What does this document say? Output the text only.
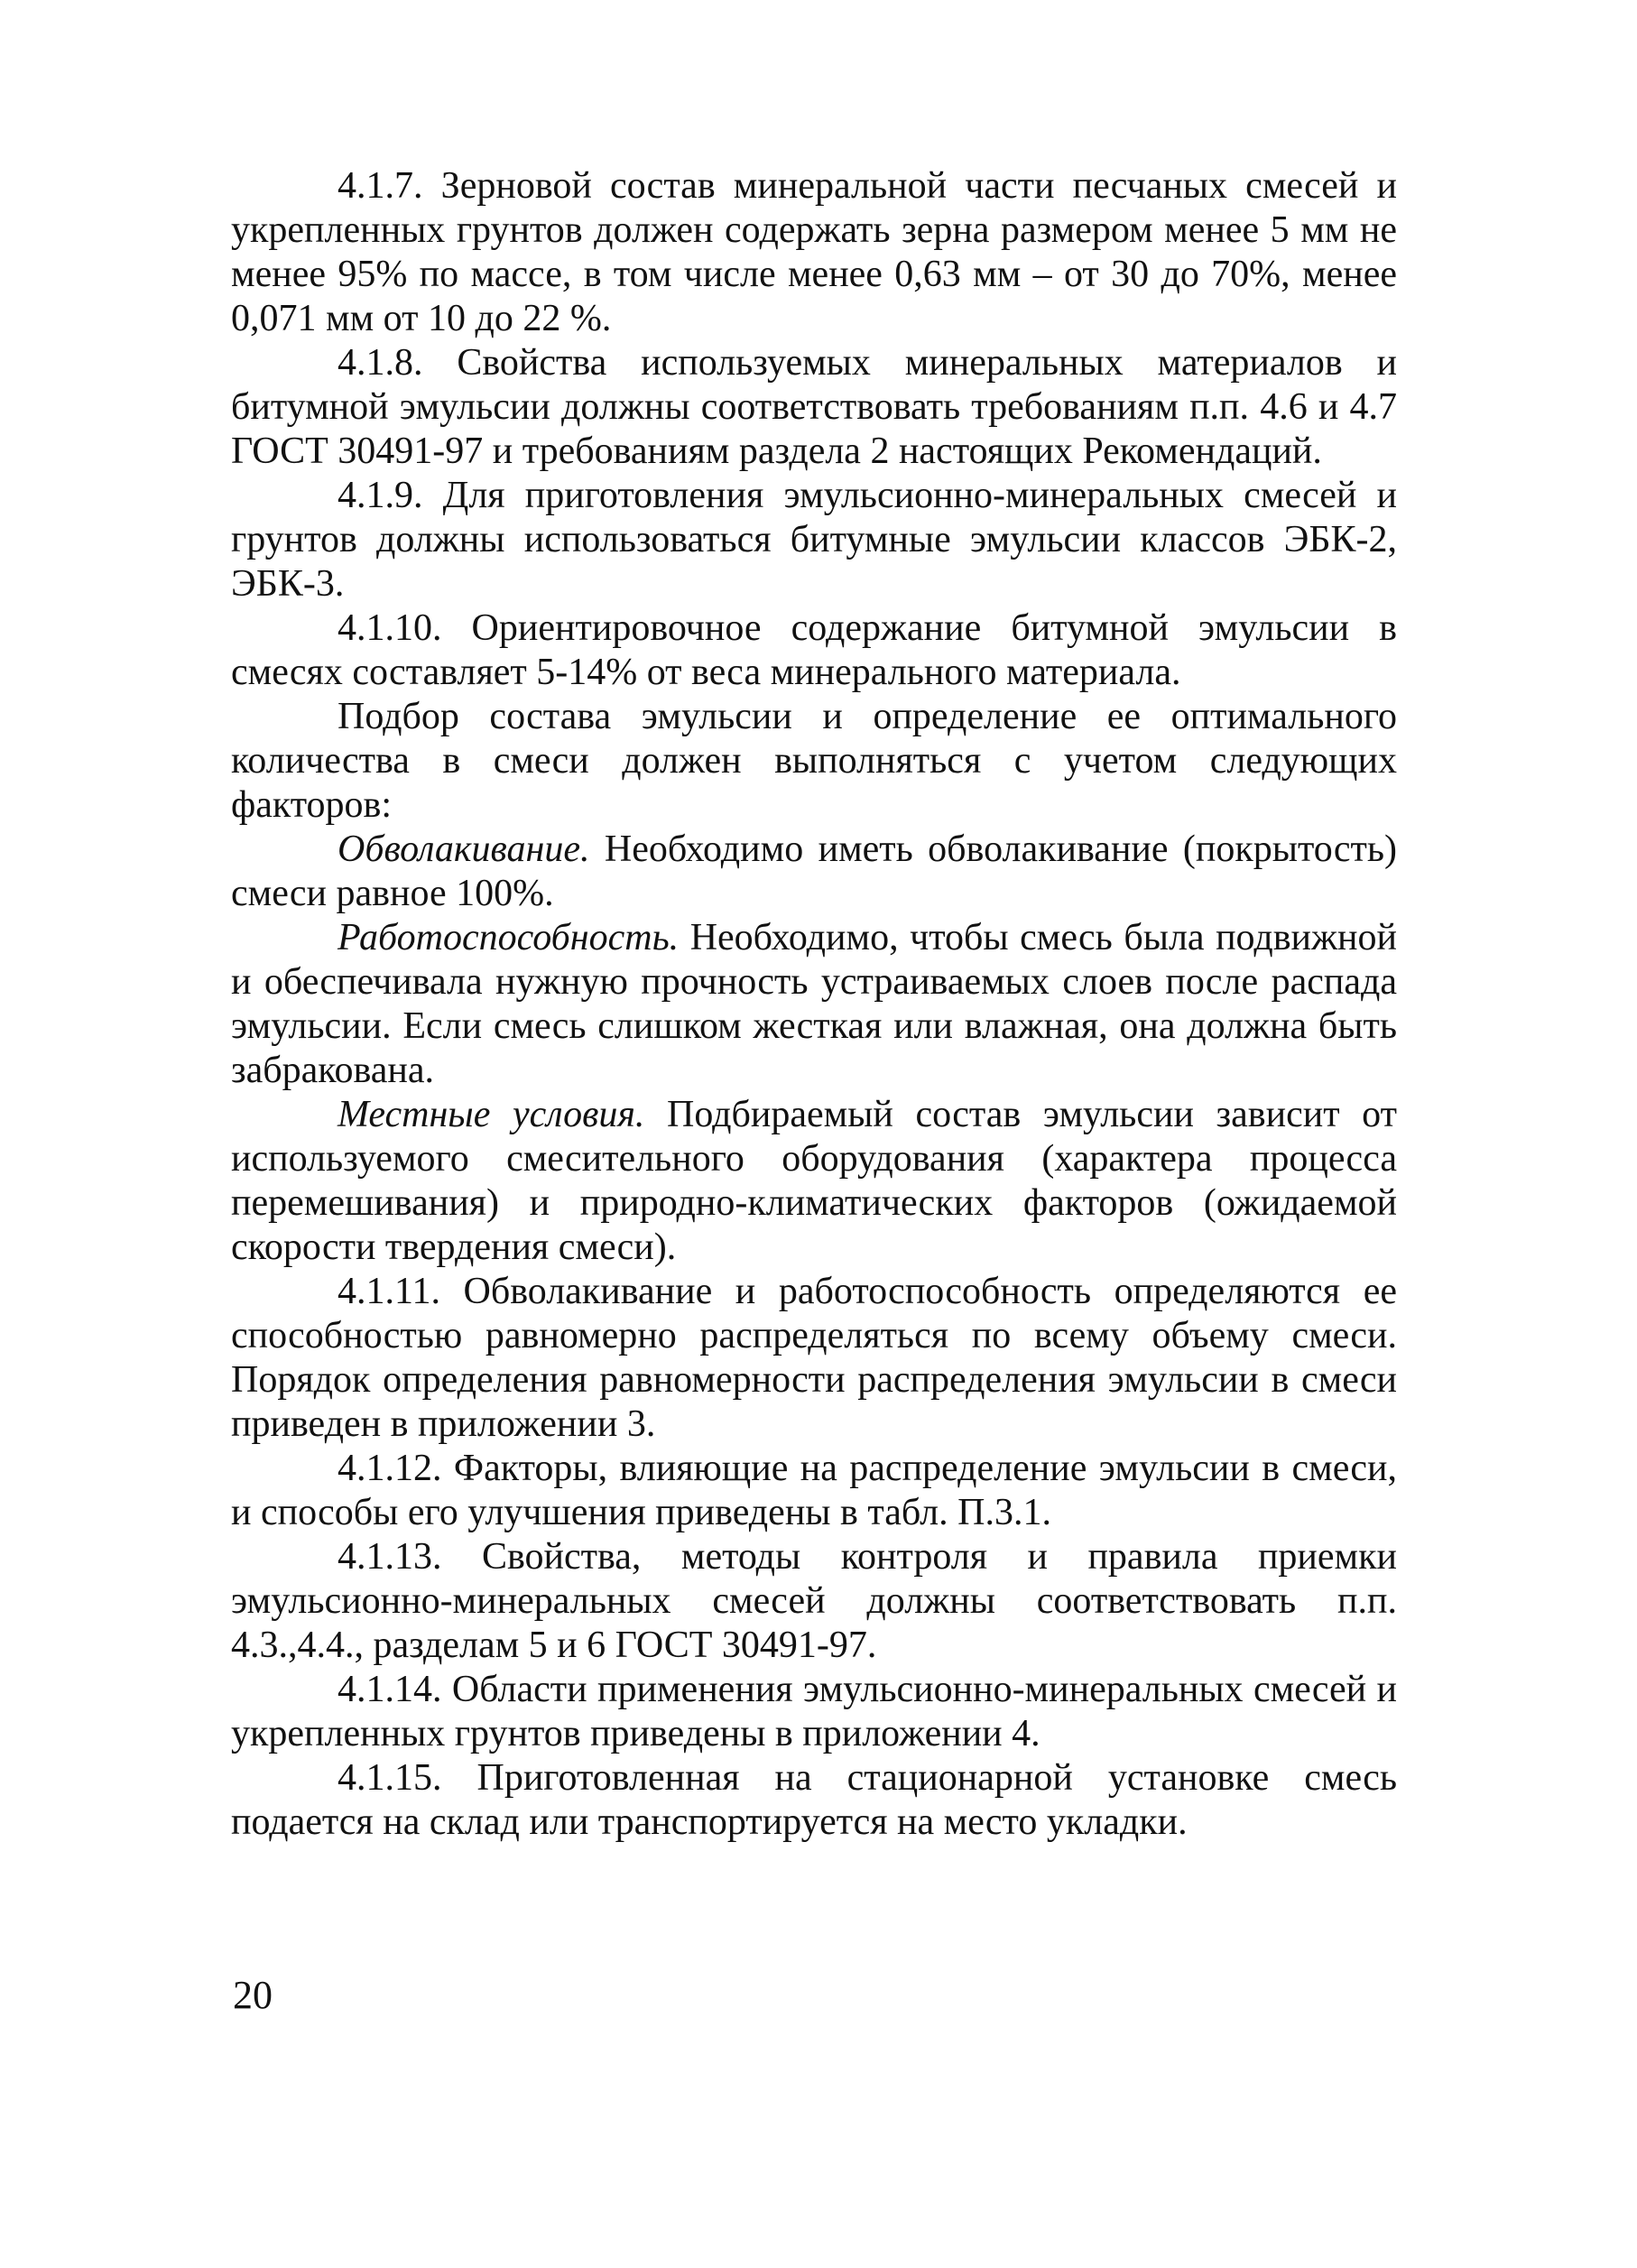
4.1.7. Зерновой состав минеральной части песчаных смесей и укрепленных грунтов должен содержать зерна размером менее 5 мм не менее 95% по массе, в том числе менее 0,63 мм – от 30 до 70%, менее 0,071 мм от 10 до 22 %.

4.1.8. Свойства используемых минеральных материалов и битумной эмульсии должны соответствовать требованиям п.п. 4.6 и 4.7 ГОСТ 30491-97 и требованиям раздела 2 настоящих Рекомендаций.

4.1.9. Для приготовления эмульсионно-минеральных смесей и грунтов должны использоваться битумные эмульсии классов ЭБК-2, ЭБК-3.

4.1.10. Ориентировочное содержание битумной эмульсии в смесях составляет 5-14% от веса минерального материала.

Подбор состава эмульсии и определение ее оптимального количества в смеси должен выполняться с учетом следующих факторов:

Обволакивание. Необходимо иметь обволакивание (покрытость) смеси равное 100%.

Работоспособность. Необходимо, чтобы смесь была подвижной и обеспечивала нужную прочность устраиваемых слоев после распада эмульсии. Если смесь слишком жесткая или влажная, она должна быть забракована.

Местные условия. Подбираемый состав эмульсии зависит от используемого смесительного оборудования (характера процесса перемешивания) и природно-климатических факторов (ожидаемой скорости твердения смеси).

4.1.11. Обволакивание и работоспособность определяются ее способностью равномерно распределяться по всему объему смеси. Порядок определения равномерности распределения эмульсии в смеси приведен в приложении 3.

4.1.12. Факторы, влияющие на распределение эмульсии в смеси, и способы его улучшения приведены в табл. П.3.1.

4.1.13. Свойства, методы контроля и правила приемки эмульсионно-минеральных смесей должны соответствовать п.п. 4.3.,4.4., разделам 5 и 6 ГОСТ 30491-97.

4.1.14. Области применения эмульсионно-минеральных смесей и укрепленных грунтов приведены в приложении 4.

4.1.15. Приготовленная на стационарной установке смесь подается на склад или транспортируется на место укладки.

20
